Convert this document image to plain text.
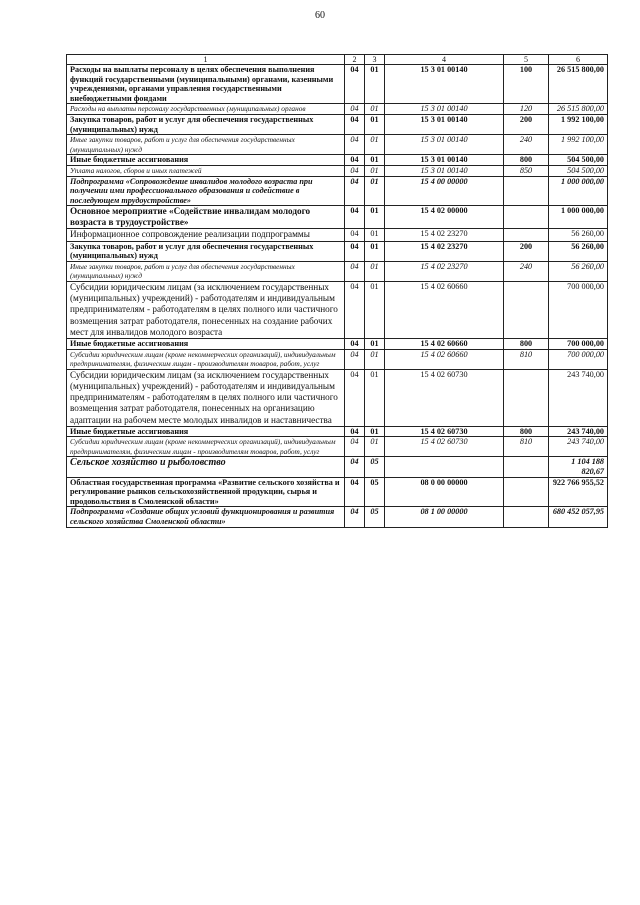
60
1	2	3	4	5	6
Расходы на выплаты персоналу в целях обеспечения выполнения функций государственными (муниципальными) органами, казенными учреждениями, органами управления государственными внебюджетными фондами	04	01	15 3 01 00140	100	26 515 800,00
Расходы на выплаты персоналу государственных (муниципальных) органов	04	01	15 3 01 00140	120	26 515 800,00
Закупка товаров, работ и услуг для обеспечения государственных (муниципальных) нужд	04	01	15 3 01 00140	200	1 992 100,00
Иные закупки товаров, работ и услуг для обеспечения государственных (муниципальных) нужд	04	01	15 3 01 00140	240	1 992 100,00
Иные бюджетные ассигнования	04	01	15 3 01 00140	800	504 500,00
Уплата налогов, сборов и иных платежей	04	01	15 3 01 00140	850	504 500,00
Подпрограмма «Сопровождение инвалидов молодого возраста при получении ими профессионального образования и содействие в последующем трудоустройстве»	04	01	15 4 00 00000		1 000 000,00
Основное мероприятие «Содействие инвалидам молодого возраста в трудоустройстве»	04	01	15 4 02 00000		1 000 000,00
Информационное сопровождение реализации подпрограммы	04	01	15 4 02 23270		56 260,00
Закупка товаров, работ и услуг для обеспечения государственных (муниципальных) нужд	04	01	15 4 02 23270	200	56 260,00
Иные закупки товаров, работ и услуг для обеспечения государственных (муниципальных) нужд	04	01	15 4 02 23270	240	56 260,00
Субсидии юридическим лицам (за исключением государственных (муниципальных) учреждений) - работодателям и индивидуальным предпринимателям - работодателям в целях полного или частичного возмещения затрат работодателя, понесенных на создание рабочих мест для инвалидов молодого возраста	04	01	15 4 02 60660		700 000,00
Иные бюджетные ассигнования	04	01	15 4 02 60660	800	700 000,00
Субсидии юридическим лицам (кроме некоммерческих организаций), индивидуальным предпринимателям, физическим лицам - производителям товаров, работ, услуг	04	01	15 4 02 60660	810	700 000,00
Субсидии юридическим лицам (за исключением государственных (муниципальных) учреждений) - работодателям и индивидуальным предпринимателям - работодателям в целях полного или частичного возмещения затрат работодателя, понесенных на организацию адаптации на рабочем месте молодых инвалидов и наставничества	04	01	15 4 02 60730		243 740,00
Иные бюджетные ассигнования	04	01	15 4 02 60730	800	243 740,00
Субсидии юридическим лицам (кроме некоммерческих организаций), индивидуальным предпринимателям, физическим лицам - производителям товаров, работ, услуг	04	01	15 4 02 60730	810	243 740,00
Сельское хозяйство и рыболовство	04	05			1 104 188 820,67
Областная государственная программа «Развитие сельского хозяйства и регулирование рынков сельскохозяйственной продукции, сырья и продовольствия в Смоленской области»	04	05	08 0 00 00000		922 766 955,52
Подпрограмма «Создание общих условий функционирования и развития сельского хозяйства Смоленской области»	04	05	08 1 00 00000		680 452 057,95
